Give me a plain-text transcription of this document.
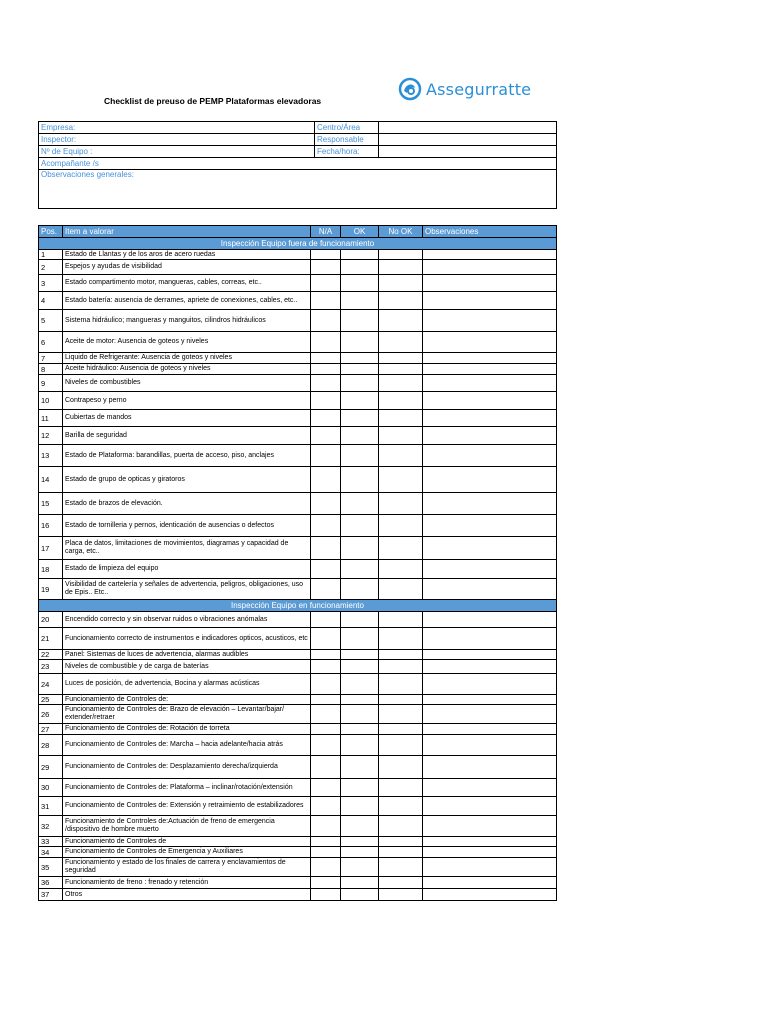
Assegurratte
Checklist de preuso de PEMP Plataformas elevadoras
Empresa:	Centro/Área	
Inspector:	Responsable	
Nº de Equipo :	Fecha/hora:	
Acompañante /s		
Observaciones generales:		
Pos.	Item a valorar	N/A	OK	No OK	Observaciones
Inspección Equipo fuera de funcionamiento					
1	Estado de Llantas y de los aros de acero ruedas				
2	Espejos y ayudas de visibilidad				
3	Estado compartimento motor, mangueras, cables, correas, etc..				
4	Estado batería: ausencia de derrames, apriete de conexiones, cables, etc..				
5	Sistema hidráulico; mangueras y manguitos, cilindros hidráulicos				
6	Aceite de motor: Ausencia de goteos y niveles				
7	Liquido de Refrigerante: Ausencia de goteos y niveles				
8	Aceite hidráulico: Ausencia de goteos y niveles				
9	Niveles de combustibles				
10	Contrapeso y perno				
11	Cubiertas de mandos				
12	Barilla de seguridad				
13	Estado de Plataforma: barandillas, puerta de acceso, piso, anclajes				
14	Estado de grupo de opticas y giratoros				
15	Estado de brazos de elevación.				
16	Estado de tornilleria y pernos, identicación de ausencias o defectos				
17	Placa de datos, limitaciones de movimientos, diagramas y capacidad de carga, etc..				
18	Estado de limpieza del equipo				
19	Visibilidad de cartelería y señales de advertencia, peligros, obligaciones, uso de Epis.. Etc..				
Inspección Equipo en funcionamiento					
20	Encendido correcto y sin observar ruidos o vibraciones anómalas				
21	Funcionamiento correcto de instrumentos e indicadores opticos, acusticos, etc				
22	Panel: Sistemas de luces de advertencia, alarmas audibles				
23	Niveles de combustible y de carga de baterías				
24	Luces de posición, de advertencia, Bocina y alarmas acústicas				
25	Funcionamiento de Controles de:				
26	Funcionamiento de Controles de: Brazo de elevación – Levantar/bajar/ extender/retraer				
27	Funcionamiento de Controles de: Rotación de torreta				
28	Funcionamiento de Controles de: Marcha – hacia adelante/hacia atrás				
29	Funcionamiento de Controles de: Desplazamiento derecha/izquierda				
30	Funcionamiento de Controles de: Plataforma – inclinar/rotación/extensión				
31	Funcionamiento de Controles de: Extensión y retraimiento de estabilizadores				
32	Funcionamiento de Controles de:Actuación de freno de emergencia /dispositivo de hombre muerto				
33	Funcionamiento de Controles de				
34	Funcionamiento de Controles de Emergencia y Auxiliares				
35	Funcionamiento y estado de los finales de carrera y enclavamientos de seguridad				
36	Funcionamiento de freno : frenado y retención				
37	Otros				
